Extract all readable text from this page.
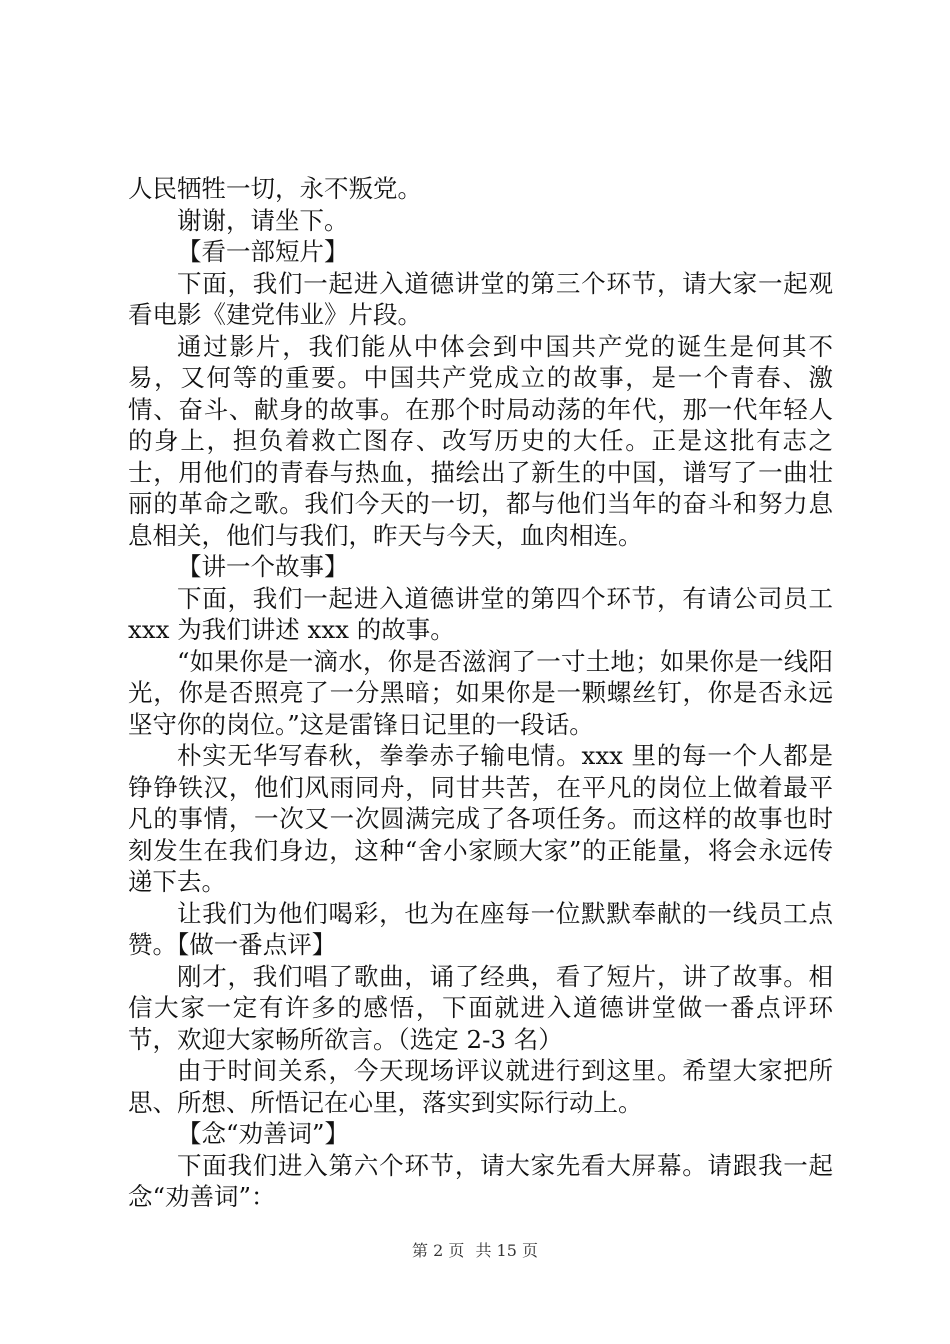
人民牺牲一切，永不叛党。

谢谢，请坐下。

【看一部短片】

下面，我们一起进入道德讲堂的第三个环节，请大家一起观看电影《建党伟业》片段。

通过影片，我们能从中体会到中国共产党的诞生是何其不易，又何等的重要。中国共产党成立的故事，是一个青春、激情、奋斗、献身的故事。在那个时局动荡的年代，那一代年轻人的身上，担负着救亡图存、改写历史的大任。正是这批有志之士，用他们的青春与热血，描绘出了新生的中国，谱写了一曲壮丽的革命之歌。我们今天的一切，都与他们当年的奋斗和努力息息相关，他们与我们，昨天与今天，血肉相连。

【讲一个故事】

下面，我们一起进入道德讲堂的第四个环节，有请公司员工 xxx 为我们讲述 xxx 的故事。

“如果你是一滴水，你是否滋润了一寸土地；如果你是一线阳光，你是否照亮了一分黑暗；如果你是一颗螺丝钉，你是否永远坚守你的岗位。”这是雷锋日记里的一段话。

朴实无华写春秋，拳拳赤子输电情。xxx 里的每一个人都是铮铮铁汉，他们风雨同舟，同甘共苦，在平凡的岗位上做着最平凡的事情，一次又一次圆满完成了各项任务。而这样的故事也时刻发生在我们身边，这种“舍小家顾大家”的正能量，将会永远传递下去。

让我们为他们喝彩，也为在座每一位默默奉献的一线员工点赞。【做一番点评】

刚才，我们唱了歌曲，诵了经典，看了短片，讲了故事。相信大家一定有许多的感悟，下面就进入道德讲堂做一番点评环节，欢迎大家畅所欲言。（选定 2-3 名）

由于时间关系，今天现场评议就进行到这里。希望大家把所思、所想、所悟记在心里，落实到实际行动上。

【念“劝善词”】

下面我们进入第六个环节，请大家先看大屏幕。请跟我一起念“劝善词”：

第 2 页 共 15 页
